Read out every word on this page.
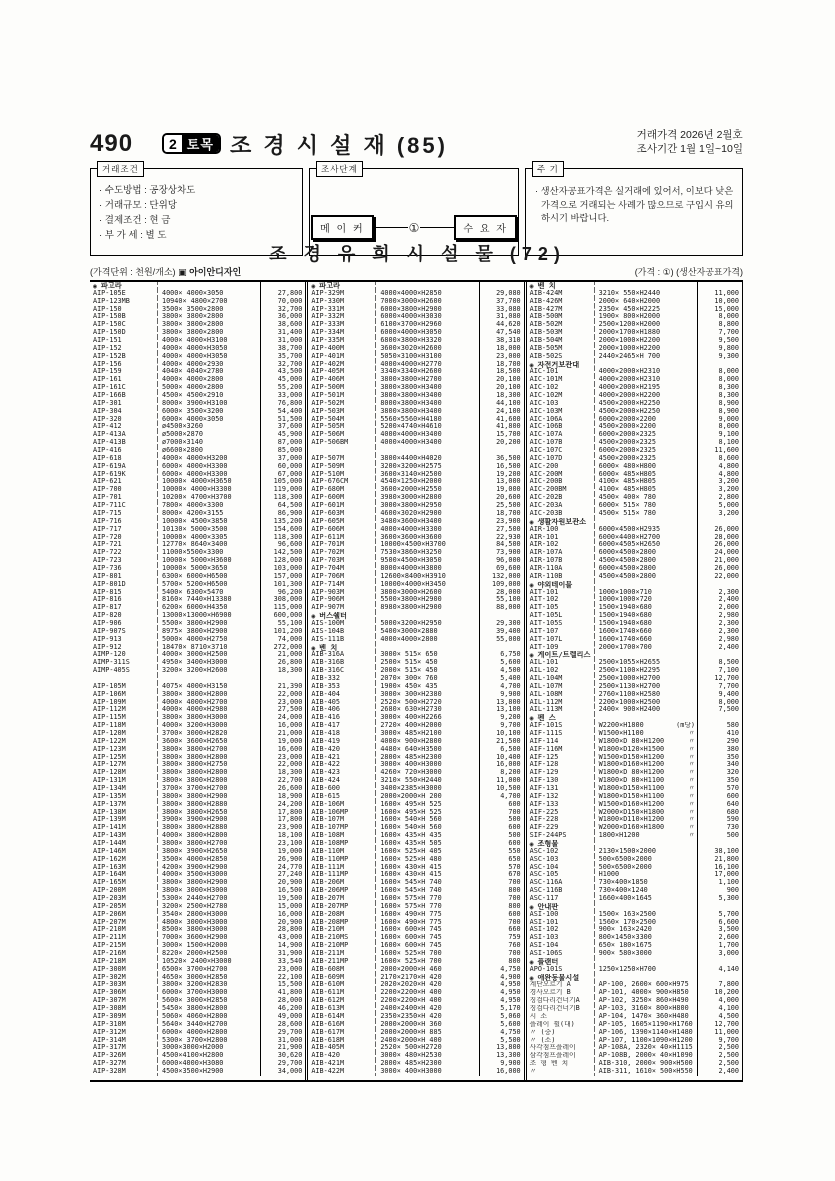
490	2 토목 조 경 시 설 재 (85)	거래가격 2026년 2월호
조사기간 1월 1일~10일
거래조건
· 수도방법 : 공장상차도
· 거래규모 : 단위당
· 결제조건 : 현 금
· 부 가 세 : 별 도
조사단계
메 이 커	①	수 요 자
주 기
· 생산자공표가격은 실거래에 있어서, 이보다 낮은 가격으로 거래되는 사례가 많으므로 구입시 유의하시기 바랍니다.
조 경 유 희 시 설 물 (72)
(가격단위 : 천원/개소) ▣ 아이안디자인	(가격 : ①) (생산자공표가격)
◉ 파고라
AIP-105E	4000× 4000×3050	27,800
AIP-123MB	10940× 4800×2700	70,000
AIP-150	3500× 3500×2800	32,700
AIP-150B	3800× 3800×2800	36,000
AIP-150C	3800× 3800×2800	38,600
AIP-150D	3800× 3800×2800	31,400
AIP-151	4000× 4000×H3100	31,000
AIP-152	4000× 4000×H3050	38,700
AIP-152B	4000× 4000×H3050	35,700
AIP-156	4000× 4000×2930	32,700
AIP-159	4040× 4040×2780	43,500
AIP-161	4000× 4000×2800	45,000
AIP-161C	5000× 4000×2800	55,200
AIP-166B	4500× 4500×2910	33,000
AIP-301	8000× 3900×H3100	76,800
AIP-304	6000× 3500×3200	54,400
AIP-320	6000× 4000×3050	51,500
AIP-412	ø4500×3260	37,600
AIP-413A	ø5000×2870	45,900
AIP-413B	ø7000×3140	87,000
AIP-416	ø6600×2800	85,000
AIP-618	4000× 4000×H3200	37,000
AIP-619A	6000× 4000×H3300	60,000
AIP-619K	6000× 4000×H3300	67,000
AIP-621	10000× 4000×H3650	105,000
AIP-700	10000× 4000×H3300	119,000
AIP-701	10200× 4700×H3700	118,300
AIP-711C	7800× 4000×3300	64,500
AIP-715	8000× 4200×3155	86,900
AIP-716	10000× 4500×3850	135,200
AIP-717	10130× 5000×3500	154,600
AIP-720	10000× 4000×3305	118,300
AIP-721	12770× 8640×3400	96,600
AIP-722	11000×5500×3300	142,500
AIP-723	10000× 5000×H3600	128,000
AIP-736	10000× 5000×3650	103,000
AIP-801	6300× 6000×H6500	157,000
AIP-801D	5700× 5200×H6500	101,300
AIP-815	5400× 6300×5470	96,200
AIP-816	8160× 7440×H13380	308,000
AIP-817	6200× 6000×H4350	115,000
AIP-820	13000×13000×H6900	600,000
AIP-906	5500× 3800×H2900	55,100
AIP-907S	8975× 3800×H2900	101,200
AIP-913	5000× 4000×H2750	74,000
AIP-912	18470× 8710×3710	272,000
AIMP-120	4000× 3000×H2500	21,000
AIMP-311S	4950× 3400×H3000	26,800
AIMP-405S	3200× 3200×H2600	18,300
AIP-105M	4075× 4000×H3150	21,390
AIP-106M	3800× 3800×H2800	22,000
AIP-109M	4000× 4000×H2700	23,000
AIP-112M	4000× 4000×H2980	27,500
AIP-115M	3800× 3800×H3000	24,000
AIP-118M	4000× 3200×H3000	16,000
AIP-120M	3700× 3000×H2820	21,000
AIP-122M	3600× 3600×H2650	19,000
AIP-123M	3800× 3800×H2700	16,600
AIP-125M	3800× 3800×H2800	23,000
AIP-127M	3800× 3800×H2750	22,000
AIP-128M	3800× 3800×H2800	18,300
AIP-131M	3800× 3800×H2800	22,700
AIP-134M	3700× 3700×H2700	26,600
AIP-135M	3800× 3800×H2900	18,900
AIP-137M	3800× 3800×H2880	24,200
AIP-138M	3800× 3800×H2650	17,800
AIP-139M	3900× 3900×H2900	17,800
AIP-141M	3800× 3800×H2880	23,900
AIP-143M	4000× 3800×H2800	18,100
AIP-144M	3800× 3800×H2700	23,100
AIP-146M	3800× 3900×H2650	19,000
AIP-162M	3500× 4000×H2850	26,900
AIP-163M	4200× 3900×H2900	24,770
AIP-164M	4000× 3500×H3000	27,240
AIP-165M	3800× 3800×H2900	20,900
AIP-200M	3800× 3000×H3000	16,500
AIP-203M	5300× 2440×H2700	19,500
AIP-205M	3200× 2500×H2780	15,000
AIP-206M	3540× 2800×H3000	16,000
AIP-207M	4800× 3000×H3000	20,900
AIP-210M	8500× 3800×H3000	28,800
AIP-211M	7000× 3600×H2900	43,000
AIP-215M	3000× 1500×H2000	14,900
AIP-216M	8220× 2000×H2500	31,900
AIP-218M	10520× 2400×H3000	33,540
AIP-300M	6500× 3700×H2700	23,000
AIP-302M	4650× 3000×H2850	22,100
AIP-303M	3800× 3200×H2830	15,500
AIP-306M	6000× 3700×H3000	41,800
AIP-307M	5600× 3000×H2850	28,000
AIP-308M	5450× 3800×H2800	46,200
AIP-309M	5060× 4060×H2800	49,000
AIP-310M	5640× 3440×H2700	28,600
AIP-312M	6000× 4000×H2800	29,700
AIP-314M	5300× 3700×H2800	31,000
AIP-317M	3000×3000×H2000	21,900
AIP-326M	4500×4100×H2800	30,620
AIP-327M	6000×4000×H3080	29,700
AIP-328M	4500×3500×H2900	34,000
◉ 파고라
AIP-329M	4000×4000×H2850	29,080
AIP-330M	7000×3000×H2600	37,700
AIP-331M	6000×3800×H2900	33,080
AIP-332M	6000×4000×H3030	31,080
AIP-333M	6100×3700×H2960	44,620
AIP-334M	6000×4000×H3050	47,540
AIP-335M	6800×3800×H3320	38,310
AIP-400M	3600×3020×H2600	18,000
AIP-401M	5050×3100×H3100	23,000
AIP-402M	4000×4000×H2770	18,700
AIP-405M	3340×3340×H2600	18,500
AIP-406M	3800×3800×H2700	20,100
AIP-500M	3800×3800×H3400	20,100
AIP-501M	3800×3800×H3400	18,300
AIP-502M	8000×3800×H3400	44,100
AIP-503M	3800×3800×H3400	24,100
AIP-504M	5560×5560×H4180	41,600
AIP-505M	5200×4740×H4610	41,800
AIP-506M	4000×4000×H3400	15,700
AIP-506BM	4000×4000×H3400	20,200
AIP-507M	3800×4400×H4020	36,500
AIP-509M	3200×3200×H2575	16,500
AIP-510M	3600×3140×H2500	19,200
AIP-676CM	4540×1250×H2000	13,000
AIP-680M	3600×2000×H2550	19,000
AIP-600M	3980×3000×H2800	20,600
AIP-601M	3000×3800×H2950	25,500
AIP-603M	4600×3020×H2900	18,700
AIP-605M	3480×3600×H3400	23,900
AIP-606M	4000×4000×H3300	27,500
AIP-611M	3600×3600×H3600	22,930
AIP-701M	10000×4500×H3700	84,500
AIP-702M	7530×3860×H3250	73,900
AIP-703M	9500×4500×H3050	96,000
AIP-704M	8000×4000×H3800	69,600
AIP-706M	12600×8400×H3910	132,000
AIP-714M	10000×4000×H3450	109,000
AIP-903M	3800×3000×H2600	28,000
AIP-906M	5500×3800×H2900	55,100
AIP-907M	8980×3800×H2900	88,000
◉ 버스쉘터
AIS-100M	5000×3200×H2950	29,300
AIS-104B	5400×3000×2880	39,400
AIS-111B	4000×4000×2800	55,000
◉ 벤 치
AIB-316A	3000× 515× 650	6,750
AIB-316B	2500× 515× 450	5,600
AIB-316C	2000× 515× 450	4,500
AIB-332	2070× 300× 760	5,400
AIB-353	1900× 450× 435	4,700
AIB-404	3000× 300×H2380	9,900
AIB-405	2520× 500×H2720	13,800
AIB-406	2680× 630×H2730	13,100
AIB-416	3000× 400×H2266	9,200
AIB-417	2720× 400×H2000	9,700
AIB-418	3000× 485×H2100	10,100
AIB-419	4000× 900×H2800	21,500
AIB-420	4480× 640×H3500	6,500
AIB-421	2800× 485×H2300	10,400
AIB-422	3000× 400×H3000	16,000
AIB-423	4260× 720×H3000	8,200
AIB-424	3210× 550×H2440	11,000
AIB-600	3400×2385×H3000	10,500
AIB-615	2000×2000×H 200	4,700
AIB-106M	1600× 495×H 525	600
AIB-106MP	1600× 495×H 525	700
AIB-107M	1600× 540×H 560	500
AIB-107MP	1600× 540×H 560	600
AIB-108M	1600× 435×H 435	500
AIB-108MP	1600× 435×H 505	600
AIB-110M	1600× 525×H 405	550
AIB-110MP	1600× 525×H 480	650
AIB-111M	1600× 430×H 415	570
AIB-111MP	1600× 430×H 415	670
AIB-206M	1600× 545×H 740	700
AIB-206MP	1600× 545×H 740	800
AIB-207M	1600× 575×H 770	700
AIB-207MP	1600× 575×H 770	800
AIB-208M	1600× 490×H 775	600
AIB-208MP	1600× 490×H 775	700
AIB-210M	1600× 600×H 745	660
AIB-210MS	1600× 600×H 745	759
AIB-210MP	1600× 600×H 745	760
AIB-211M	1600× 525×H 700	700
AIB-211MP	1600× 525×H 700	800
AIB-608M	2000×2000×H 460	4,750
AIB-609M	2170×2170×H 420	4,900
AIB-610M	2020×2020×H 420	4,950
AIB-611M	2200×2200×H 400	4,950
AIB-612M	2200×2200×H 400	4,950
AIB-613M	2400×2400×H 420	5,170
AIB-614M	2350×2350×H 420	5,060
AIB-616M	2000×2000×H 360	5,600
AIB-617M	2000×2000×H 885	4,750
AIB-618M	2400×2000×H 400	5,500
AIB-405M	2520× 500×H2720	13,800
AIB-420	3000× 480×H2530	13,300
AIB-421M	2800× 485×H2300	9,900
AIB-422M	3000× 400×H3000	16,000
◉ 벤 치
AIB-424M	3210× 550×H2440	11,000
AIB-426M	2000× 640×H2000	10,000
AIB-427M	2350× 450×H2225	15,000
AIB-500M	1900× 800×H2000	8,000
AIB-502M	2500×1200×H2000	8,800
AIB-503M	2000×1700×H1880	7,700
AIB-504M	2000×1000×H2200	9,500
AIB-505M	2000×1000×H2200	9,800
AIB-502S	2440×2465×H 700	9,300
◉ 자전거보관대
AIC-101	4000×2000×H2310	8,000
AIC-101M	4000×2000×H2310	8,000
AIC-102	4000×2000×H2195	8,300
AIC-102M	4000×2000×H2200	8,300
AIC-103	4500×2000×H2250	8,900
AIC-103M	4500×2000×H2250	8,900
AIC-106A	6000×2000×2200	9,000
AIC-106B	4500×2000×2200	8,000
AIC-107A	6000×2000×2325	9,100
AIC-107B	4500×2000×2325	8,100
AIC-107C	6000×2000×2325	11,600
AIC-107D	4500×2000×2325	8,600
AIC-200	6000× 480×H800	4,800
AIC-200M	6000× 485×H805	4,800
AIC-200B	4100× 485×H805	3,200
AIC-200BM	4100× 485×H805	3,200
AIC-202B	4500× 400× 780	2,800
AIC-203A	6000× 515× 780	5,000
AIC-203B	4500× 515× 780	3,200
◉ 생활자원보관소
AIR-100	6000×4500×H2935	26,000
AIR-101	6000×4400×H2700	28,000
AIR-102	6000×4505×H2650	26,000
AIR-107A	6000×4500×2800	24,000
AIR-107B	4500×4500×2800	21,000
AIR-110A	6000×4500×2800	26,000
AIR-110B	4500×4500×2800	22,000
◉ 야외테이블
AIT-101	1000×1000×710	2,300
AIT-102	1000×1000×720	2,400
AIT-105	1500×1940×680	2,000
AIT-105L	1500×1940×680	2,980
AIT-105S	1500×1940×680	2,300
AIT-107	1600×1740×660	2,300
AIT-107L	1600×1740×660	2,980
AIT-109	2000×1700×700	2,400
◉ 게이트/트렐리스
AIL-101	2500×1055×H2655	8,500
AIL-102	2500×1100×H2295	7,100
AIL-104M	2500×1000×H2700	12,700
AIL-107M	2500×1130×H2700	7,700
AIL-108M	2760×1100×H2580	9,400
AIL-112M	2200×1000×H2500	8,000
AIL-113M	2400× 900×H2400	7,500
◉ 펜 스
AIF-101S	W2200×H1800	(m당)	580
AIF-111S	W1500×H1100	〃	410
AIF-114	W1800×D 80×H1200	〃	290
AIF-116M	W1800×D120×H1500	〃	380
AIF-125	W1500×D150×H1200	〃	350
AIF-128	W1800×D160×H1200	〃	340
AIF-129	W1800×D 80×H1200	〃	320
AIF-130	W1800×D 80×H1100	〃	350
AIF-131	W1800×D150×H1100	〃	570
AIF-132	W1800×D150×H1100	〃	600
AIF-133	W1500×D160×H1200	〃	640
AIF-225	W2000×D150×H1800	〃	680
AIF-228	W1800×D110×H1200	〃	590
AIF-229	W2000×D160×H1800	〃	730
SIF-244PS	1800×H1200	〃	500
◉ 조형물
ASC-102	2130×1500×2000	38,100
ASC-103	500×6500×2000	21,800
ASC-104	500×6500×2000	16,100
ASC-105	H1000	17,000
ASC-116A	730×400×1850	1,100
ASC-116B	730×400×1240	900
ASC-117	1660×400×1645	5,300
◉ 안내판
ASI-100	1500× 163×2500	5,700
ASI-101	1560× 170×2500	6,600
ASI-102	900× 163×2420	3,500
ASI-103	800×1450×3300	2,600
ASI-104	650× 180×1675	1,700
ASI-106S	900× 580×3000	3,000
◉ 플랜터
APO-101S	1250×1250×H700	4,140
◉ 애완동물시설
계단오르기 A	AP-100, 2600× 600×H975	7,800
경사오르기 B	AP-101, 4000× 900×H850	10,200
징검다리건너기A	AP-102, 3250× 860×H490	4,000
징검다리건너기B	AP-103, 3160× 800×H800	4,100
시 소	AP-104, 1470× 360×H480	4,500
플레이 휠(대)	AP-105, 1605×1190×H1760	12,700
〃 (중)	AP-106, 1390×1140×H1480	11,000
〃 (소)	AP-107, 1100×1090×H1200	9,700
사각점프플레이	AP-108A, 2320× 40×H1115	2,500
삼각점프플레이	AP-108B, 2000× 40×H1090	2,500
조 형 벤 치	AIB-310, 2000× 900×H500	2,500
〃	AIB-311, 1610× 500×H550	2,400
